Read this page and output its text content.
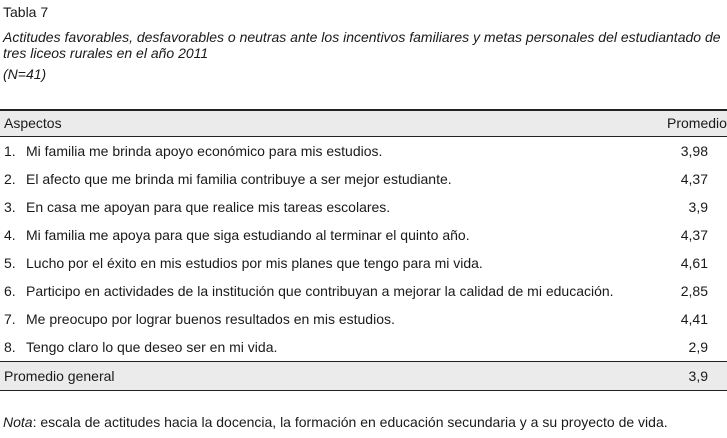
Tabla 7
Actitudes favorables, desfavorables o neutras ante los incentivos familiares y metas personales del estudiantado de tres liceos rurales en el año 2011
(N=41)
Aspectos	Promedio
1. Mi familia me brinda apoyo económico para mis estudios.	3,98
2. El afecto que me brinda mi familia contribuye a ser mejor estudiante.	4,37
3. En casa me apoyan para que realice mis tareas escolares.	3,9
4. Mi familia me apoya para que siga estudiando al terminar el quinto año.	4,37
5. Lucho por el éxito en mis estudios por mis planes que tengo para mi vida.	4,61
6. Participo en actividades de la institución que contribuyan a mejorar la calidad de mi educación.	2,85
7. Me preocupo por lograr buenos resultados en mis estudios.	4,41
8. Tengo claro lo que deseo ser en mi vida.	2,9
Promedio general	3,9
Nota: escala de actitudes hacia la docencia, la formación en educación secundaria y a su proyecto de vida.
